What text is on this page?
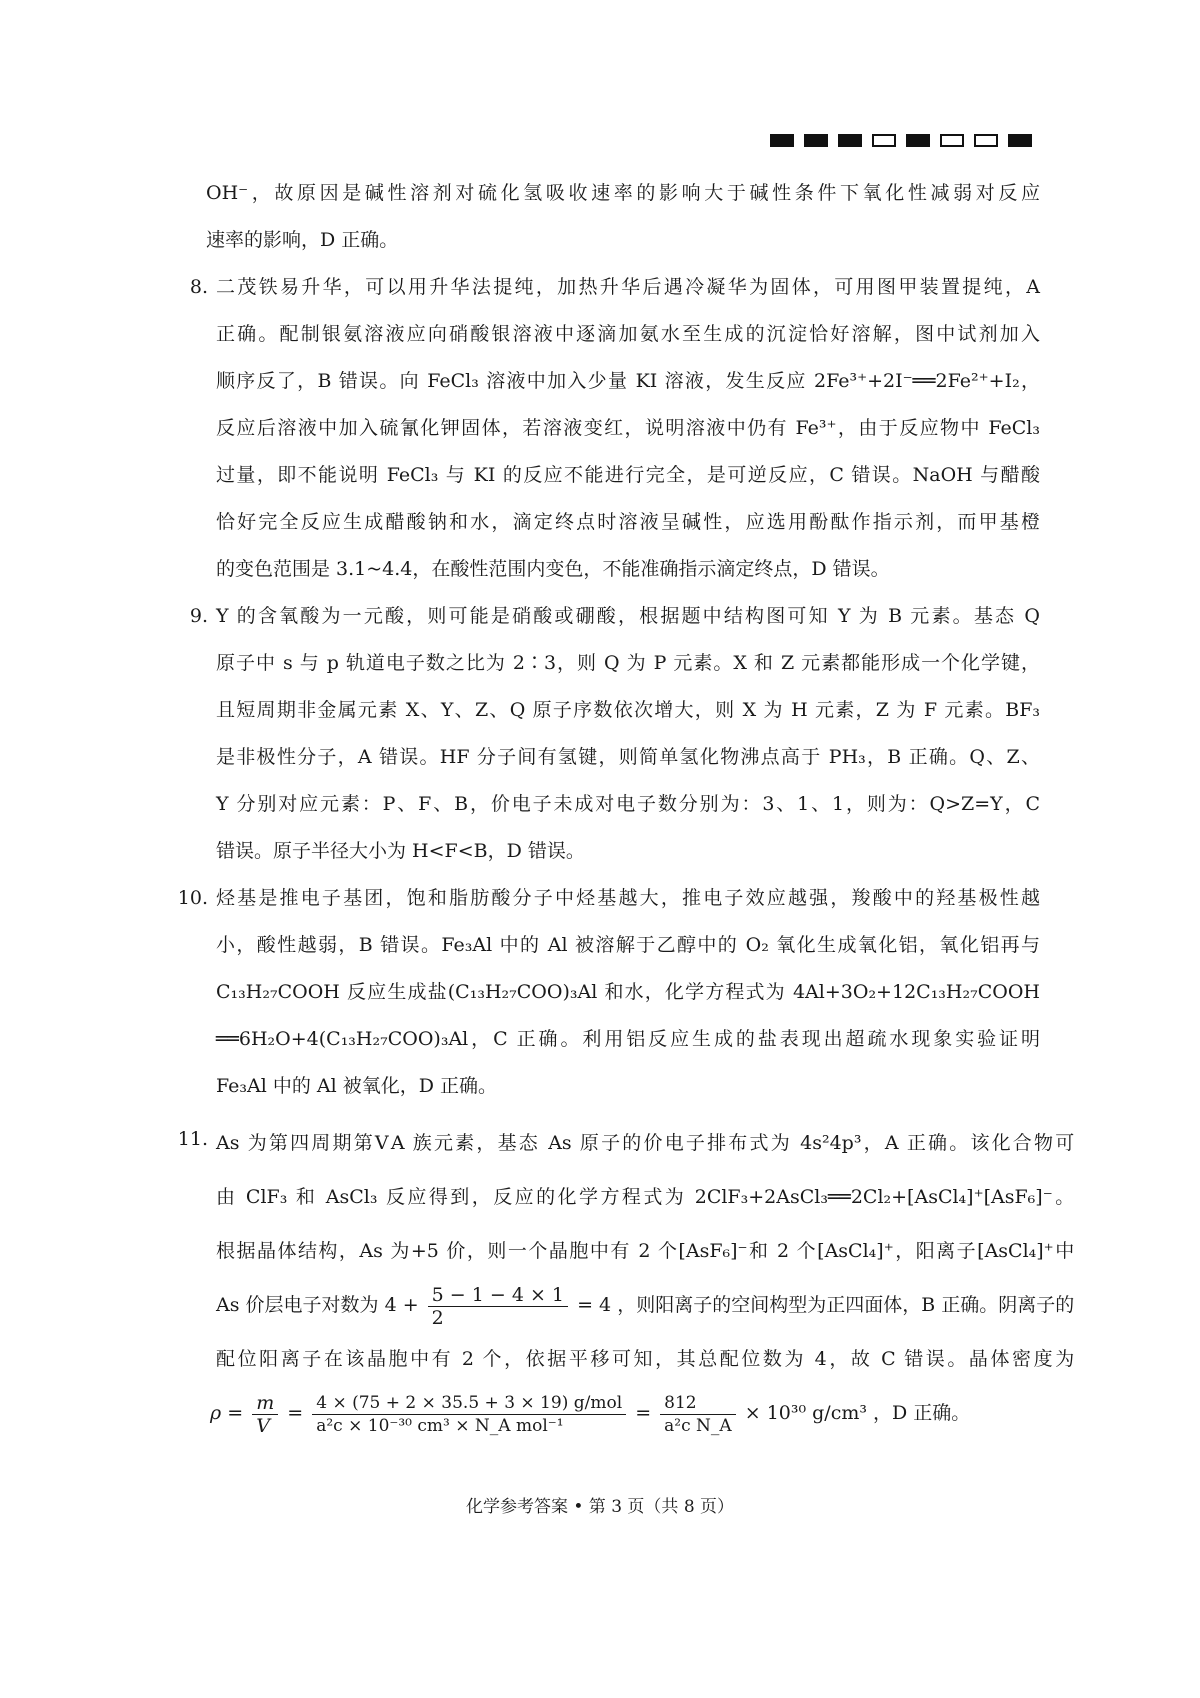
OH⁻，故原因是碱性溶剂对硫化氢吸收速率的影响大于碱性条件下氧化性减弱对反应
速率的影响，D 正确。
8. 二茂铁易升华，可以用升华法提纯，加热升华后遇冷凝华为固体，可用图甲装置提纯，A
正确。配制银氨溶液应向硝酸银溶液中逐滴加氨水至生成的沉淀恰好溶解，图中试剂加入
顺序反了，B 错误。向 FeCl₃ 溶液中加入少量 KI 溶液，发生反应 2Fe³⁺+2I⁻══2Fe²⁺+I₂，
反应后溶液中加入硫氰化钾固体，若溶液变红，说明溶液中仍有 Fe³⁺，由于反应物中 FeCl₃
过量，即不能说明 FeCl₃ 与 KI 的反应不能进行完全，是可逆反应，C 错误。NaOH 与醋酸
恰好完全反应生成醋酸钠和水，滴定终点时溶液呈碱性，应选用酚酞作指示剂，而甲基橙
的变色范围是 3.1~4.4，在酸性范围内变色，不能准确指示滴定终点，D 错误。
9. Y 的含氧酸为一元酸，则可能是硝酸或硼酸，根据题中结构图可知 Y 为 B 元素。基态 Q
原子中 s 与 p 轨道电子数之比为 2∶3，则 Q 为 P 元素。X 和 Z 元素都能形成一个化学键，
且短周期非金属元素 X、Y、Z、Q 原子序数依次增大，则 X 为 H 元素，Z 为 F 元素。BF₃
是非极性分子，A 错误。HF 分子间有氢键，则简单氢化物沸点高于 PH₃，B 正确。Q、Z、
Y 分别对应元素：P、F、B，价电子未成对电子数分别为：3、1、1，则为：Q>Z=Y，C
错误。原子半径大小为 H<F<B，D 错误。
10. 烃基是推电子基团，饱和脂肪酸分子中烃基越大，推电子效应越强，羧酸中的羟基极性越
小，酸性越弱，B 错误。Fe₃Al 中的 Al 被溶解于乙醇中的 O₂ 氧化生成氧化铝，氧化铝再与
C₁₃H₂₇COOH 反应生成盐(C₁₃H₂₇COO)₃Al 和水，化学方程式为 4Al+3O₂+12C₁₃H₂₇COOH
══6H₂O+4(C₁₃H₂₇COO)₃Al，C 正确。利用铝反应生成的盐表现出超疏水现象实验证明
Fe₃Al 中的 Al 被氧化，D 正确。
11. As 为第四周期第ⅤA 族元素，基态 As 原子的价电子排布式为 4s²4p³，A 正确。该化合物可
由 ClF₃ 和 AsCl₃ 反应得到，反应的化学方程式为 2ClF₃+2AsCl₃══2Cl₂+[AsCl₄]⁺[AsF₆]⁻。
根据晶体结构，As 为+5 价，则一个晶胞中有 2 个[AsF₆]⁻和 2 个[AsCl₄]⁺，阳离子[AsCl₄]⁺中
As 价层电子对数为 $4 + \frac{5 - 1 - 4 \times 1}{2} = 4$ ，则阳离子的空间构型为正四面体，B 正确。阴离子的
配位阳离子在该晶胞中有 2 个，依据平移可知，其总配位数为 4，故 C 错误。晶体密度为
$\rho = \frac{m}{V} = \frac{\text{4 × (75 + 2 × 35.5 + 3 × 19) g/mol}}{\text{a²c × 10⁻³⁰ cm³ × N\_A mol⁻¹}} = \frac{812}{\text{a²c N\_A}} \times 10^{30}$ g/cm³ ，D 正确。
化学参考答案 • 第 3 页（共 8 页）
